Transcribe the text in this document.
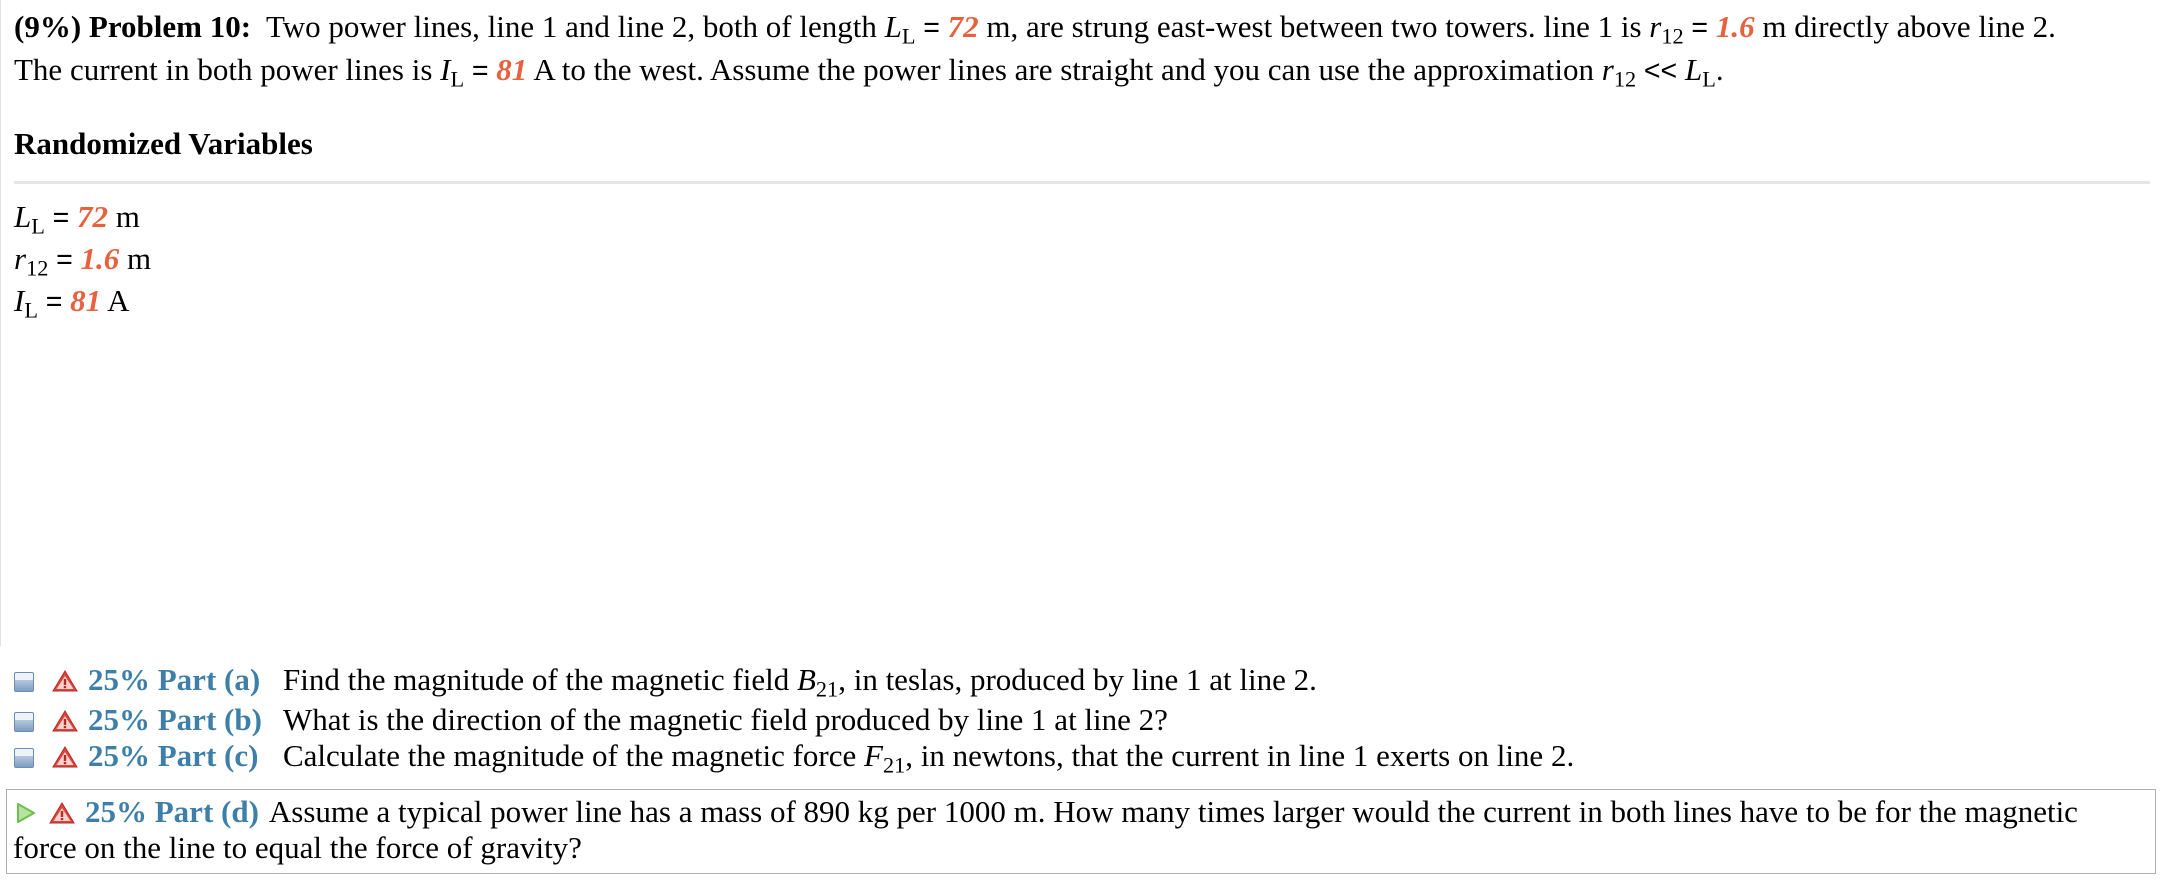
(9%) Problem 10: Two power lines, line 1 and line 2, both of length $L_L = 72$ m, are strung east-west between two towers. line 1 is $r_{12} = 1.6$ m directly above line 2.
The current in both power lines is $I_L = 81$ A to the west. Assume the power lines are straight and you can use the approximation $r_{12} << L_L$.
Randomized Variables
$L_L = 72$ m
$r_{12} = 1.6$ m
$I_L = 81$ A
25% Part (a) Find the magnitude of the magnetic field $B_{21}$, in teslas, produced by line 1 at line 2.
25% Part (b) What is the direction of the magnetic field produced by line 1 at line 2?
25% Part (c) Calculate the magnitude of the magnetic force $F_{21}$, in newtons, that the current in line 1 exerts on line 2.
25% Part (d) Assume a typical power line has a mass of 890 kg per 1000 m. How many times larger would the current in both lines have to be for the magnetic
force on the line to equal the force of gravity?
